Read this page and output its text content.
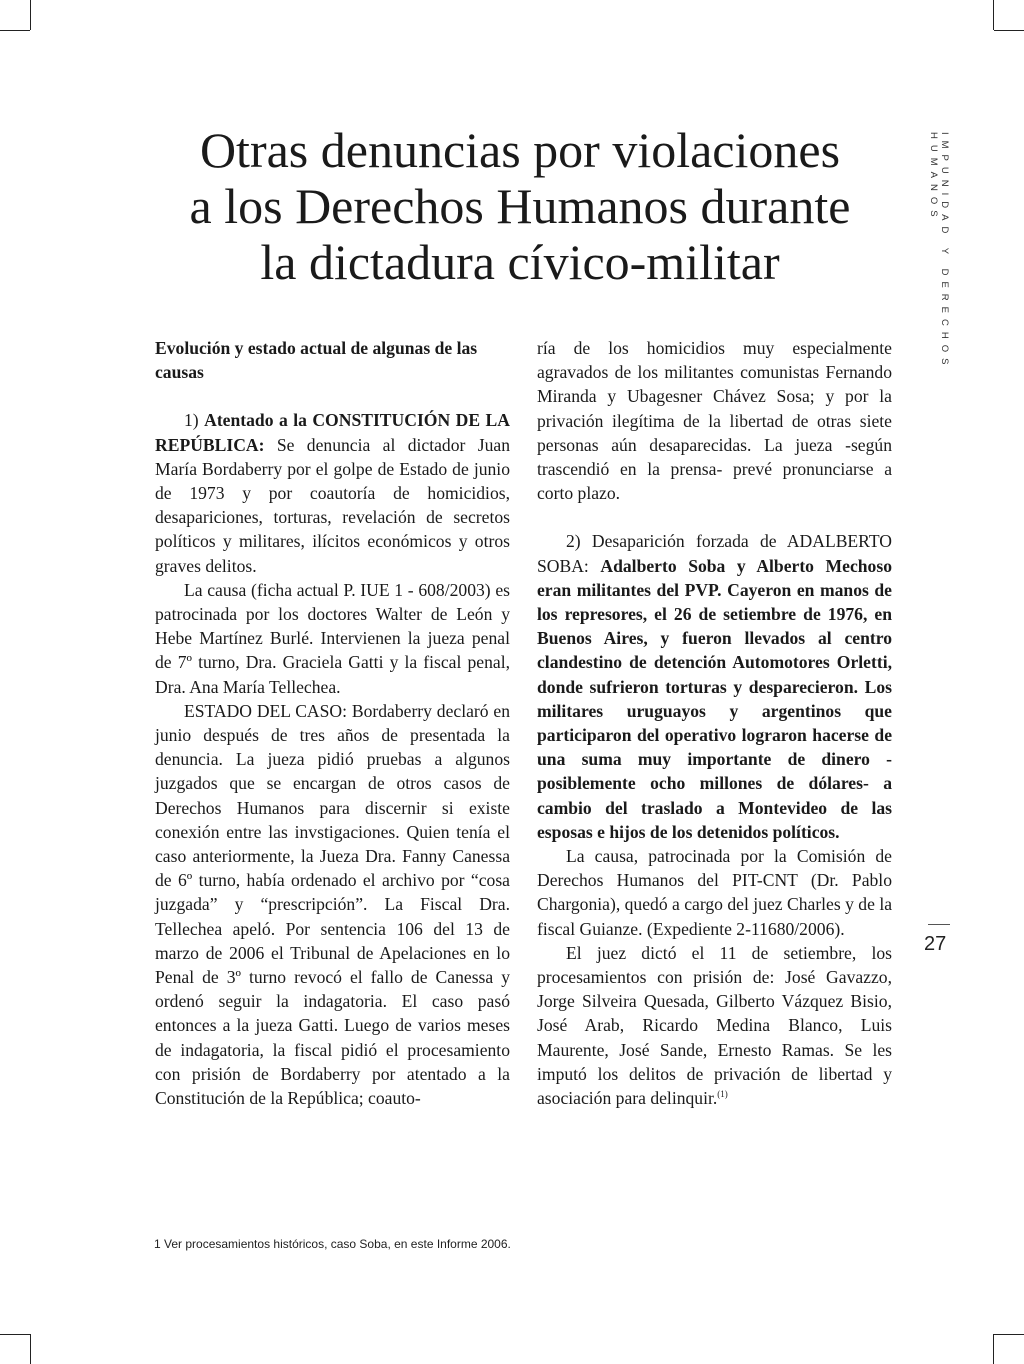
Otras denuncias por violaciones
a los Derechos Humanos durante
la dictadura cívico-militar	IMPUNIDAD Y DERECHOS HUMANOS
27

Evolución y estado actual de algunas de las causas

1) Atentado a la CONSTITUCIÓN DE LA REPÚBLICA: Se denuncia al dictador Juan María Bordaberry por el golpe de Estado de junio de 1973 y por coautoría de homicidios, desapariciones, torturas, revelación de secretos políticos y militares, ilícitos económicos y otros graves delitos.

La causa (ficha actual P. IUE 1 - 608/2003) es patrocinada por los doctores Walter de León y Hebe Martínez Burlé. Intervienen la jueza penal de 7º turno, Dra. Graciela Gatti y la fiscal penal, Dra. Ana María Tellechea.

ESTADO DEL CASO: Bordaberry declaró en junio después de tres años de presentada la denuncia. La jueza pidió pruebas a algunos juzgados que se encargan de otros casos de Derechos Humanos para discernir si existe conexión entre las invstigaciones. Quien tenía el caso anteriormente, la Jueza Dra. Fanny Canessa de 6º turno, había ordenado el archivo por “cosa juzgada” y “prescripción”. La Fiscal Dra. Tellechea apeló. Por sentencia 106 del 13 de marzo de 2006 el Tribunal de Apelaciones en lo Penal de 3º turno revocó el fallo de Canessa y ordenó seguir la indagatoria. El caso pasó entonces a la jueza Gatti. Luego de varios meses de indagatoria, la fiscal pidió el procesamiento con prisión de Bordaberry por atentado a la Constitución de la República; coauto-

ría de los homicidios muy especialmente agravados de los militantes comunistas Fernando Miranda y Ubagesner Chávez Sosa; y por la privación ilegítima de la libertad de otras siete personas aún desaparecidas. La jueza -según trascendió en la prensa- prevé pronunciarse a corto plazo.

2) Desaparición forzada de ADALBERTO SOBA: Adalberto Soba y Alberto Mechoso eran militantes del PVP. Cayeron en manos de los represores, el 26 de setiembre de 1976, en Buenos Aires, y fueron llevados al centro clandestino de detención Automotores Orletti, donde sufrieron torturas y desparecieron. Los militares uruguayos y argentinos que participaron del operativo lograron hacerse de una suma muy importante de dinero -posiblemente ocho millones de dólares- a cambio del traslado a Montevideo de las esposas e hijos de los detenidos políticos.

La causa, patrocinada por la Comisión de Derechos Humanos del PIT-CNT (Dr. Pablo Chargonia), quedó a cargo del juez Charles y de la fiscal Guianze. (Expediente 2-11680/2006).

El juez dictó el 11 de setiembre, los procesamientos con prisión de: José Gavazzo, Jorge Silveira Quesada, Gilberto Vázquez Bisio, José Arab, Ricardo Medina Blanco, Luis Maurente, José Sande, Ernesto Ramas. Se les imputó los delitos de privación de libertad y asociación para delinquir.$^{(1)}$

1 Ver procesamientos históricos, caso Soba, en este Informe 2006.
